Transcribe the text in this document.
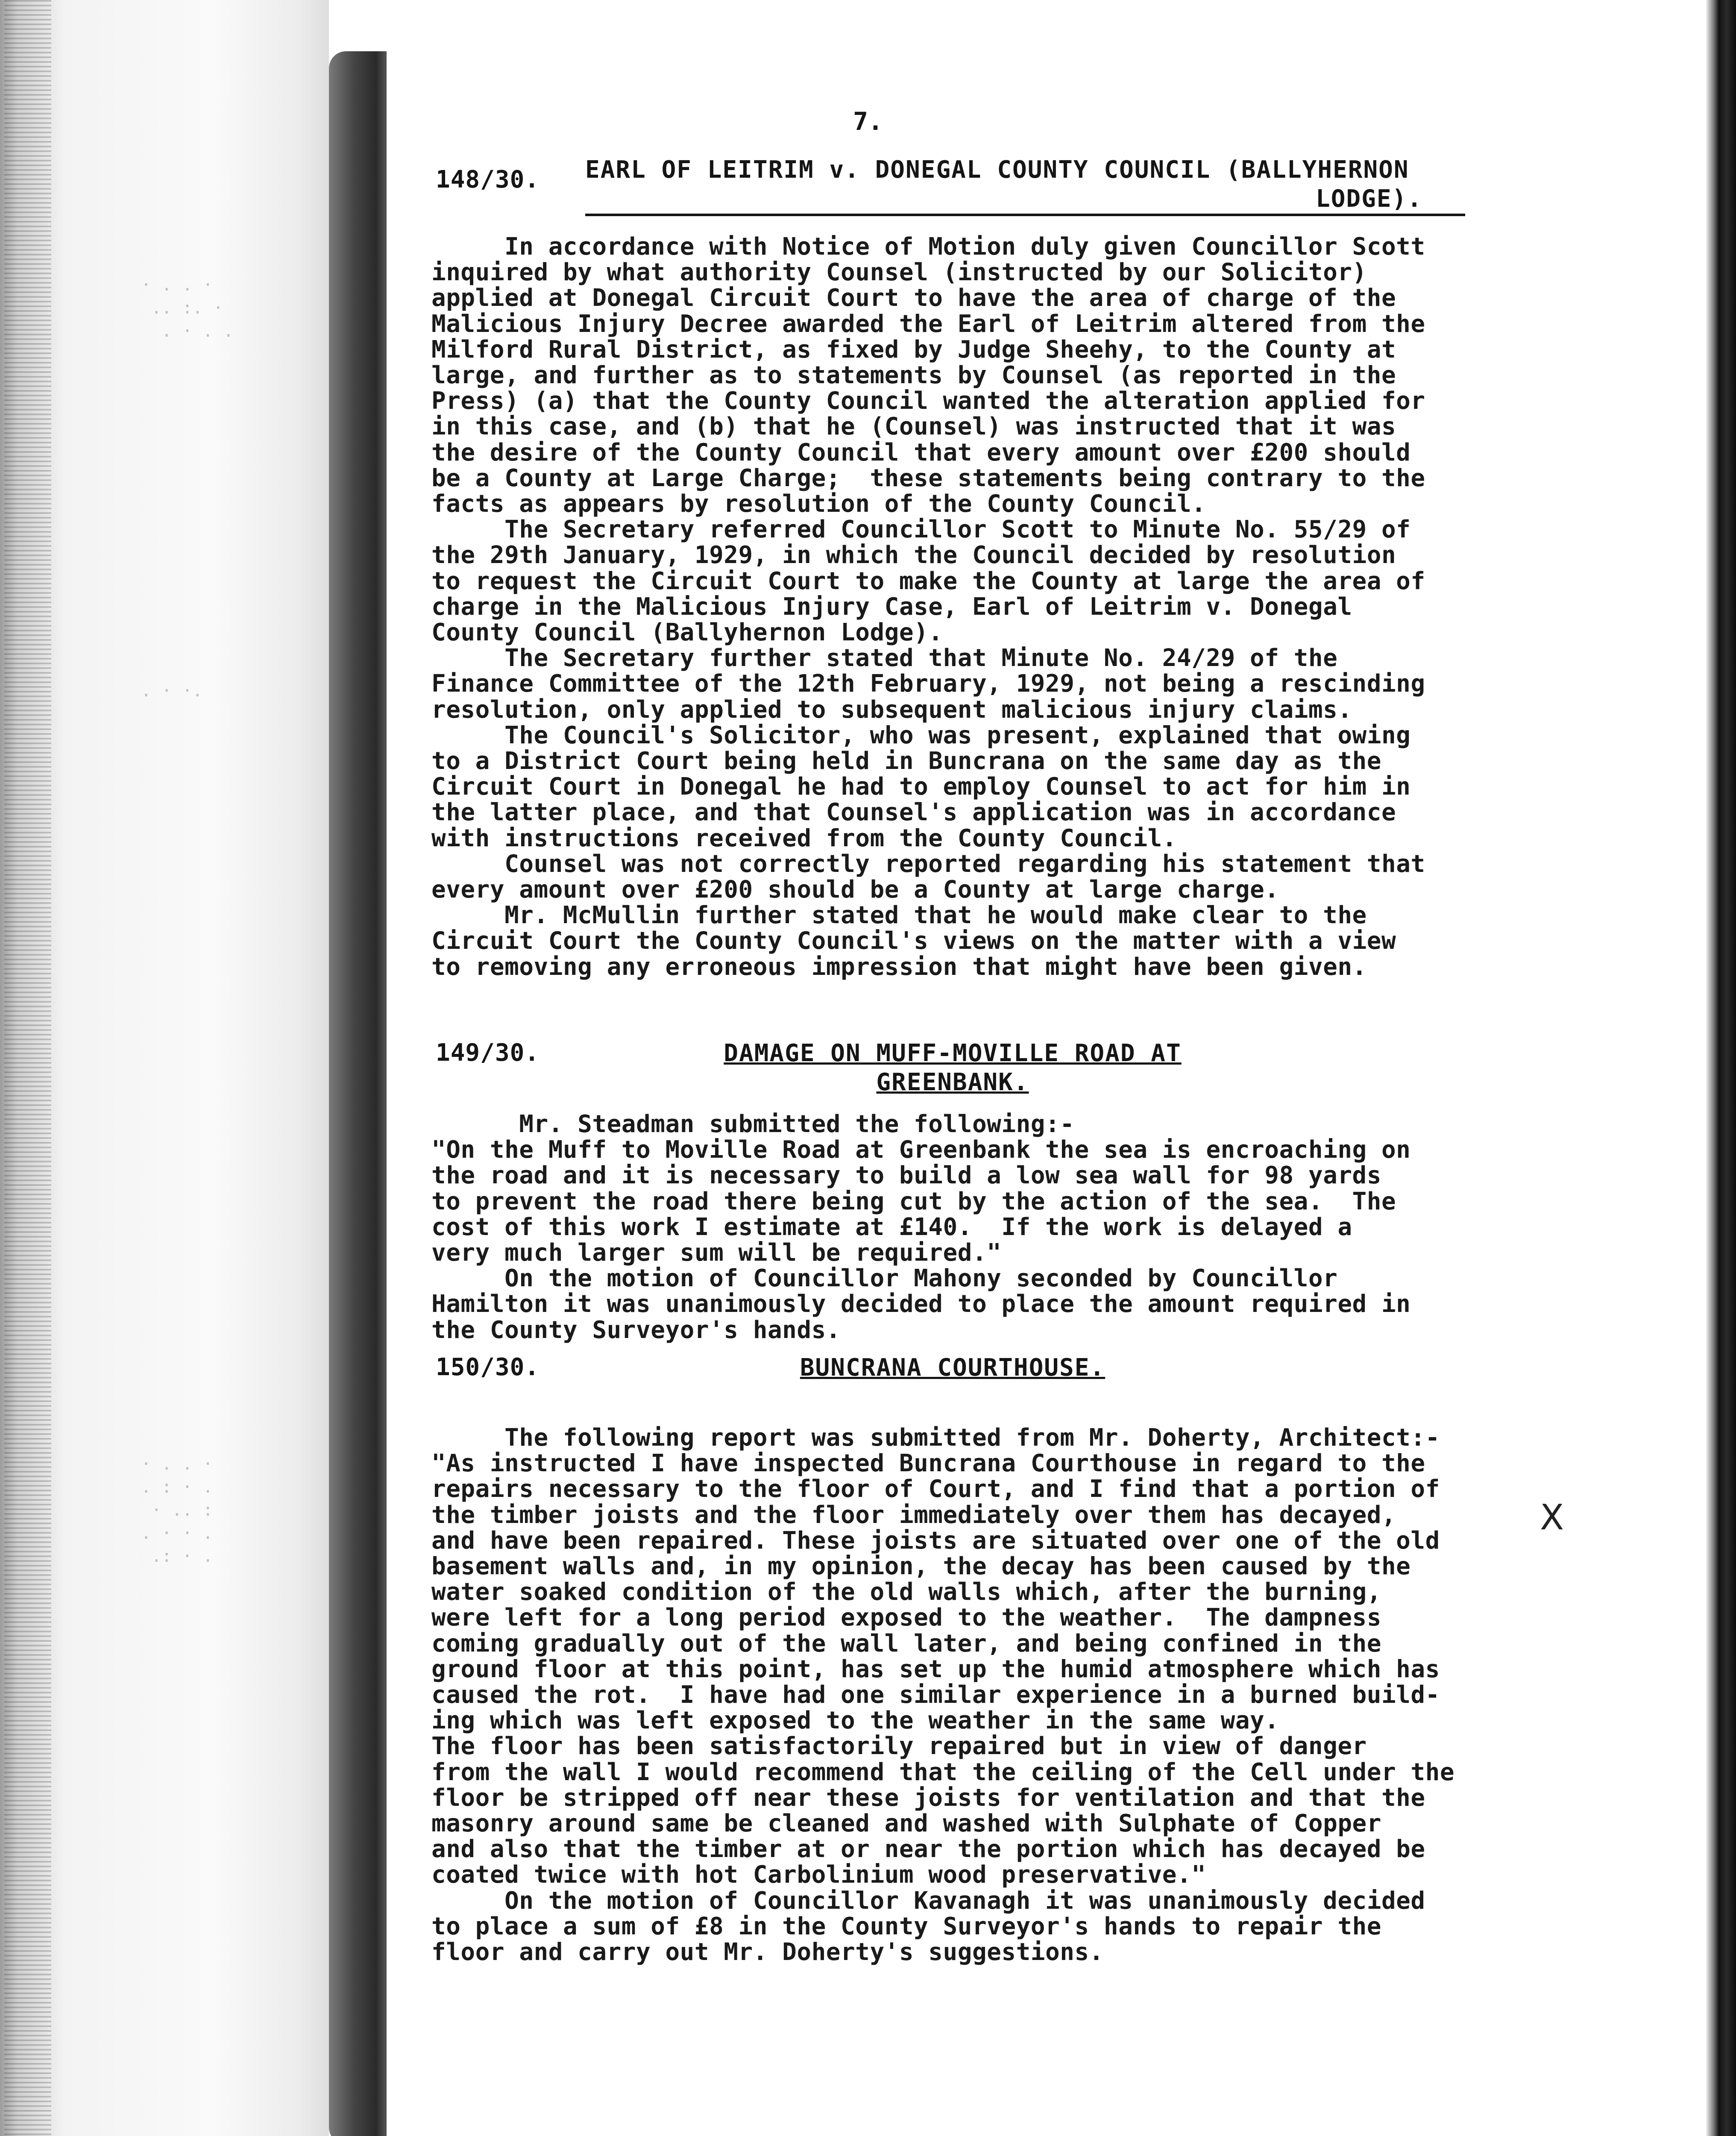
· . . ·
.. :. ·
. · . .
. · ·.
· . . ·
. : · .
· .. :
. · · .
.: · .
7.
148/30. EARL OF LEITRIM v. DONEGAL COUNTY COUNCIL (BALLYHERNON
LODGE).
In accordance with Notice of Motion duly given Councillor Scott
inquired by what authority Counsel (instructed by our Solicitor)
applied at Donegal Circuit Court to have the area of charge of the
Malicious Injury Decree awarded the Earl of Leitrim altered from the
Milford Rural District, as fixed by Judge Sheehy, to the County at
large, and further as to statements by Counsel (as reported in the
Press) (a) that the County Council wanted the alteration applied for
in this case, and (b) that he (Counsel) was instructed that it was
the desire of the County Council that every amount over £200 should
be a County at Large Charge;  these statements being contrary to the
facts as appears by resolution of the County Council.
The Secretary referred Councillor Scott to Minute No. 55/29 of
the 29th January, 1929, in which the Council decided by resolution
to request the Circuit Court to make the County at large the area of
charge in the Malicious Injury Case, Earl of Leitrim v. Donegal
County Council (Ballyhernon Lodge).
The Secretary further stated that Minute No. 24/29 of the
Finance Committee of the 12th February, 1929, not being a rescinding
resolution, only applied to subsequent malicious injury claims.
The Council's Solicitor, who was present, explained that owing
to a District Court being held in Buncrana on the same day as the
Circuit Court in Donegal he had to employ Counsel to act for him in
the latter place, and that Counsel's application was in accordance
with instructions received from the County Council.
Counsel was not correctly reported regarding his statement that
every amount over £200 should be a County at large charge.
Mr. McMullin further stated that he would make clear to the
Circuit Court the County Council's views on the matter with a view
to removing any erroneous impression that might have been given.
149/30.	DAMAGE ON MUFF-MOVILLE ROAD AT GREENBANK.
Mr. Steadman submitted the following:-
"On the Muff to Moville Road at Greenbank the sea is encroaching on
the road and it is necessary to build a low sea wall for 98 yards
to prevent the road there being cut by the action of the sea.  The
cost of this work I estimate at £140.  If the work is delayed a
very much larger sum will be required."
On the motion of Councillor Mahony seconded by Councillor
Hamilton it was unanimously decided to place the amount required in
the County Surveyor's hands.
150/30.	BUNCRANA COURTHOUSE.
The following report was submitted from Mr. Doherty, Architect:-
"As instructed I have inspected Buncrana Courthouse in regard to the
repairs necessary to the floor of Court, and I find that a portion of
the timber joists and the floor immediately over them has decayed,
and have been repaired. These joists are situated over one of the old
basement walls and, in my opinion, the decay has been caused by the
water soaked condition of the old walls which, after the burning,
were left for a long period exposed to the weather.  The dampness
coming gradually out of the wall later, and being confined in the
ground floor at this point, has set up the humid atmosphere which has
caused the rot.  I have had one similar experience in a burned build-
ing which was left exposed to the weather in the same way.
The floor has been satisfactorily repaired but in view of danger
from the wall I would recommend that the ceiling of the Cell under the
floor be stripped off near these joists for ventilation and that the
masonry around same be cleaned and washed with Sulphate of Copper
and also that the timber at or near the portion which has decayed be
coated twice with hot Carbolinium wood preservative."
On the motion of Councillor Kavanagh it was unanimously decided
to place a sum of £8 in the County Surveyor's hands to repair the
floor and carry out Mr. Doherty's suggestions.
X
